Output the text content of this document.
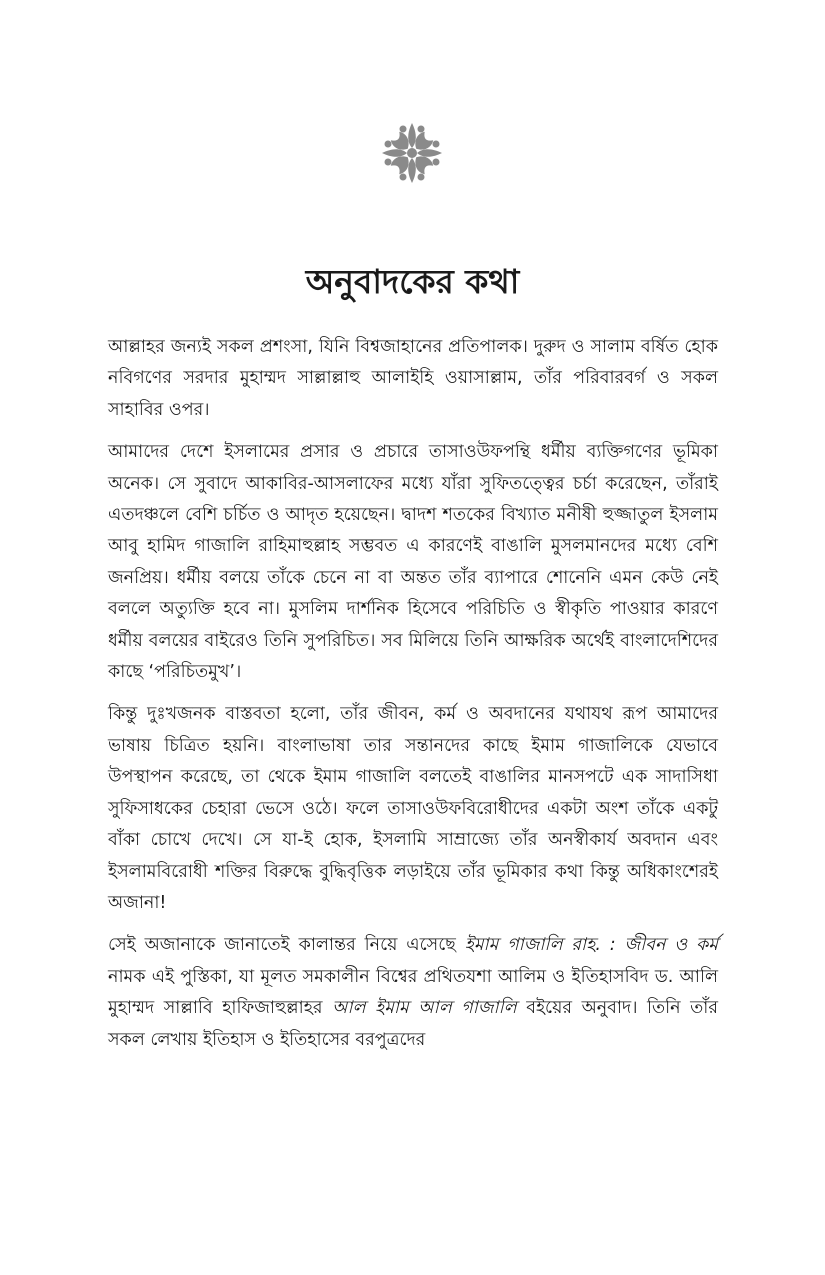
অনুবাদকের কথা

আল্লাহর জন্যই সকল প্রশংসা, যিনি বিশ্বজাহানের প্রতিপালক। দুরুদ ও সালাম বর্ষিত হোক নবিগণের সরদার মুহাম্মদ সাল্লাল্লাহু আলাইহি ওয়াসাল্লাম, তাঁর পরিবারবর্গ ও সকল সাহাবির ওপর।

আমাদের দেশে ইসলামের প্রসার ও প্রচারে তাসাওউফপন্থি ধর্মীয় ব্যক্তিগণের ভূমিকা অনেক। সে সুবাদে আকাবির-আসলাফের মধ্যে যাঁরা সুফিতত্ত্বের চর্চা করেছেন, তাঁরাই এতদঞ্চলে বেশি চর্চিত ও আদৃত হয়েছেন। দ্বাদশ শতকের বিখ্যাত মনীষী হুজ্জাতুল ইসলাম আবু হামিদ গাজালি রাহিমাহুল্লাহ সম্ভবত এ কারণেই বাঙালি মুসলমানদের মধ্যে বেশি জনপ্রিয়। ধর্মীয় বলয়ে তাঁকে চেনে না বা অন্তত তাঁর ব্যাপারে শোনেনি এমন কেউ নেই বললে অত্যুক্তি হবে না। মুসলিম দার্শনিক হিসেবে পরিচিতি ও স্বীকৃতি পাওয়ার কারণে ধর্মীয় বলয়ের বাইরেও তিনি সুপরিচিত। সব মিলিয়ে তিনি আক্ষরিক অর্থেই বাংলাদেশিদের কাছে ‘পরিচিতমুখ’।

কিন্তু দুঃখজনক বাস্তবতা হলো, তাঁর জীবন, কর্ম ও অবদানের যথাযথ রূপ আমাদের ভাষায় চিত্রিত হয়নি। বাংলাভাষা তার সন্তানদের কাছে ইমাম গাজালিকে যেভাবে উপস্থাপন করেছে, তা থেকে ইমাম গাজালি বলতেই বাঙালির মানসপটে এক সাদাসিধা সুফিসাধকের চেহারা ভেসে ওঠে। ফলে তাসাওউফবিরোধীদের একটা অংশ তাঁকে একটু বাঁকা চোখে দেখে। সে যা-ই হোক, ইসলামি সাম্রাজ্যে তাঁর অনস্বীকার্য অবদান এবং ইসলামবিরোধী শক্তির বিরুদ্ধে বুদ্ধিবৃত্তিক লড়াইয়ে তাঁর ভূমিকার কথা কিন্তু অধিকাংশেরই অজানা!

সেই অজানাকে জানাতেই কালান্তর নিয়ে এসেছে ইমাম গাজালি রাহ. : জীবন ও কর্ম নামক এই পুস্তিকা, যা মূলত সমকালীন বিশ্বের প্রথিতযশা আলিম ও ইতিহাসবিদ ড. আলি মুহাম্মদ সাল্লাবি হাফিজাহুল্লাহর আল ইমাম আল গাজালি বইয়ের অনুবাদ। তিনি তাঁর সকল লেখায় ইতিহাস ও ইতিহাসের বরপুত্রদের
